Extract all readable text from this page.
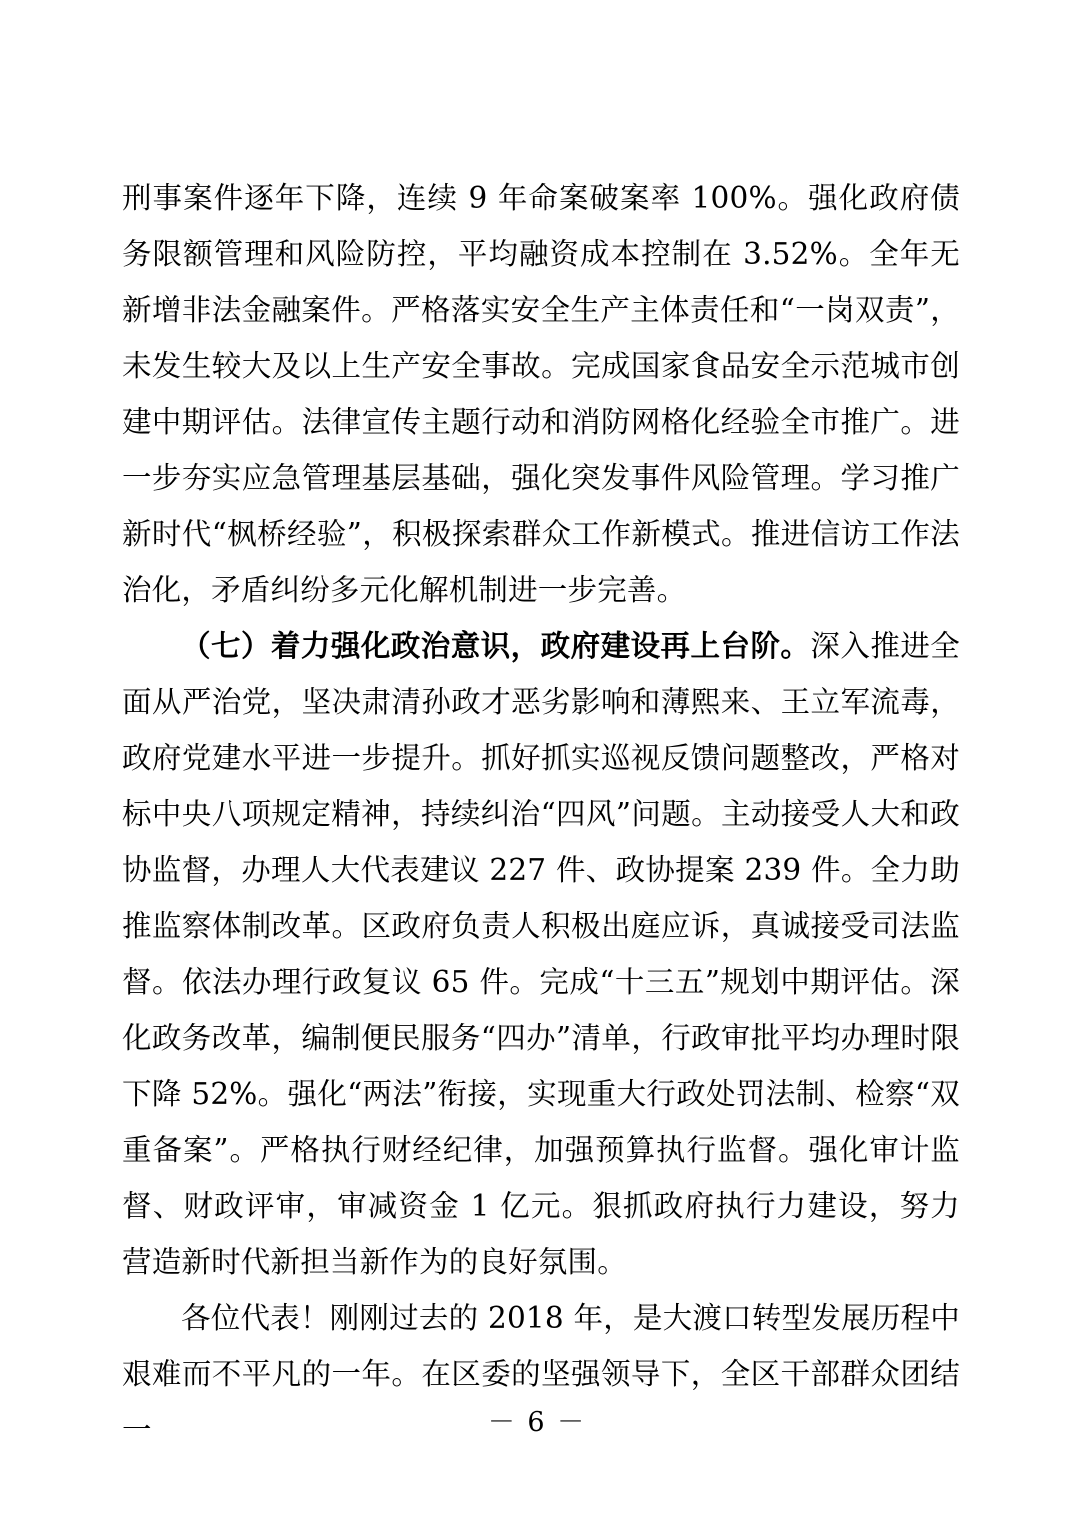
刑事案件逐年下降，连续 9 年命案破案率 100%。强化政府债务限额管理和风险防控，平均融资成本控制在 3.52%。全年无新增非法金融案件。严格落实安全生产主体责任和“一岗双责”，未发生较大及以上生产安全事故。完成国家食品安全示范城市创建中期评估。法律宣传主题行动和消防网格化经验全市推广。进一步夯实应急管理基层基础，强化突发事件风险管理。学习推广新时代“枫桥经验”，积极探索群众工作新模式。推进信访工作法治化，矛盾纠纷多元化解机制进一步完善。

（七）着力强化政治意识，政府建设再上台阶。深入推进全面从严治党，坚决肃清孙政才恶劣影响和薄熙来、王立军流毒，政府党建水平进一步提升。抓好抓实巡视反馈问题整改，严格对标中央八项规定精神，持续纠治“四风”问题。主动接受人大和政协监督，办理人大代表建议 227 件、政协提案 239 件。全力助推监察体制改革。区政府负责人积极出庭应诉，真诚接受司法监督。依法办理行政复议 65 件。完成“十三五”规划中期评估。深化政务改革，编制便民服务“四办”清单，行政审批平均办理时限下降 52%。强化“两法”衔接，实现重大行政处罚法制、检察“双重备案”。严格执行财经纪律，加强预算执行监督。强化审计监督、财政评审，审减资金 1 亿元。狠抓政府执行力建设，努力营造新时代新担当新作为的良好氛围。

各位代表！刚刚过去的 2018 年，是大渡口转型发展历程中艰难而不平凡的一年。在区委的坚强领导下，全区干部群众团结一	－ 6 －
